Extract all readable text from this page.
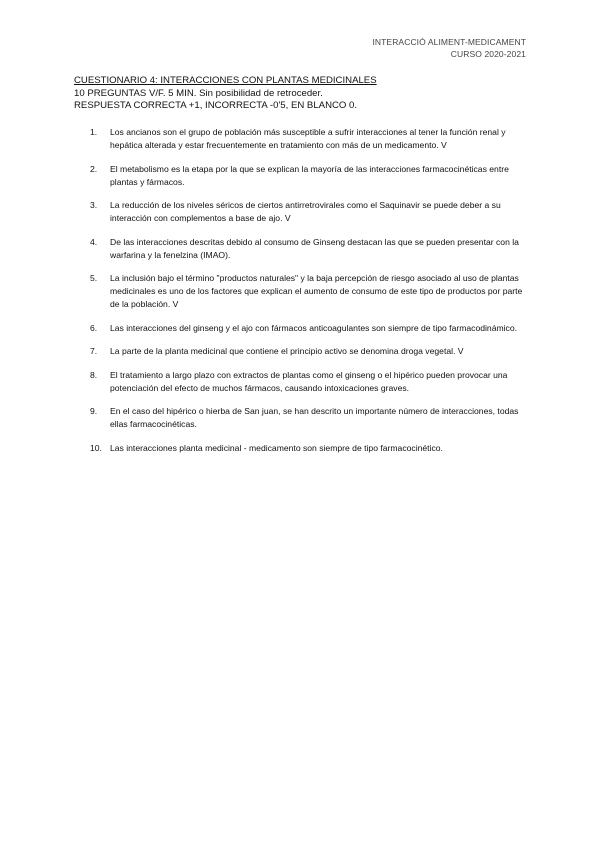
INTERACCIÓ ALIMENT-MEDICAMENT
CURSO 2020-2021
CUESTIONARIO 4: INTERACCIONES CON PLANTAS MEDICINALES
10 PREGUNTAS V/F. 5 MIN. Sin posibilidad de retroceder.
RESPUESTA CORRECTA +1, INCORRECTA -0'5, EN BLANCO 0.
1. Los ancianos son el grupo de población más susceptible a sufrir interacciones al tener la función renal y hepática alterada y estar frecuentemente en tratamiento con más de un medicamento. V
2. El metabolismo es la etapa por la que se explican la mayoría de las interacciones farmacocinéticas entre plantas y fármacos.
3. La reducción de los niveles séricos de ciertos antirretrovirales como el Saquinavir se puede deber a su interacción con complementos a base de ajo. V
4. De las interacciones descritas debido al consumo de Ginseng destacan las que se pueden presentar con la warfarina y la fenelzina (IMAO).
5. La inclusión bajo el término "productos naturales" y la baja percepción de riesgo asociado al uso de plantas medicinales es uno de los factores que explican el aumento de consumo de este tipo de productos por parte de la población. V
6. Las interacciones del ginseng y el ajo con fármacos anticoagulantes son siempre de tipo farmacodinámico.
7. La parte de la planta medicinal que contiene el principio activo se denomina droga vegetal. V
8. El tratamiento a largo plazo con extractos de plantas como el ginseng o el hipérico pueden provocar una potenciación del efecto de muchos fármacos, causando intoxicaciones graves.
9. En el caso del hipérico o hierba de San juan, se han descrito un importante número de interacciones, todas ellas farmacocinéticas.
10. Las interacciones planta medicinal - medicamento son siempre de tipo farmacocinético.
